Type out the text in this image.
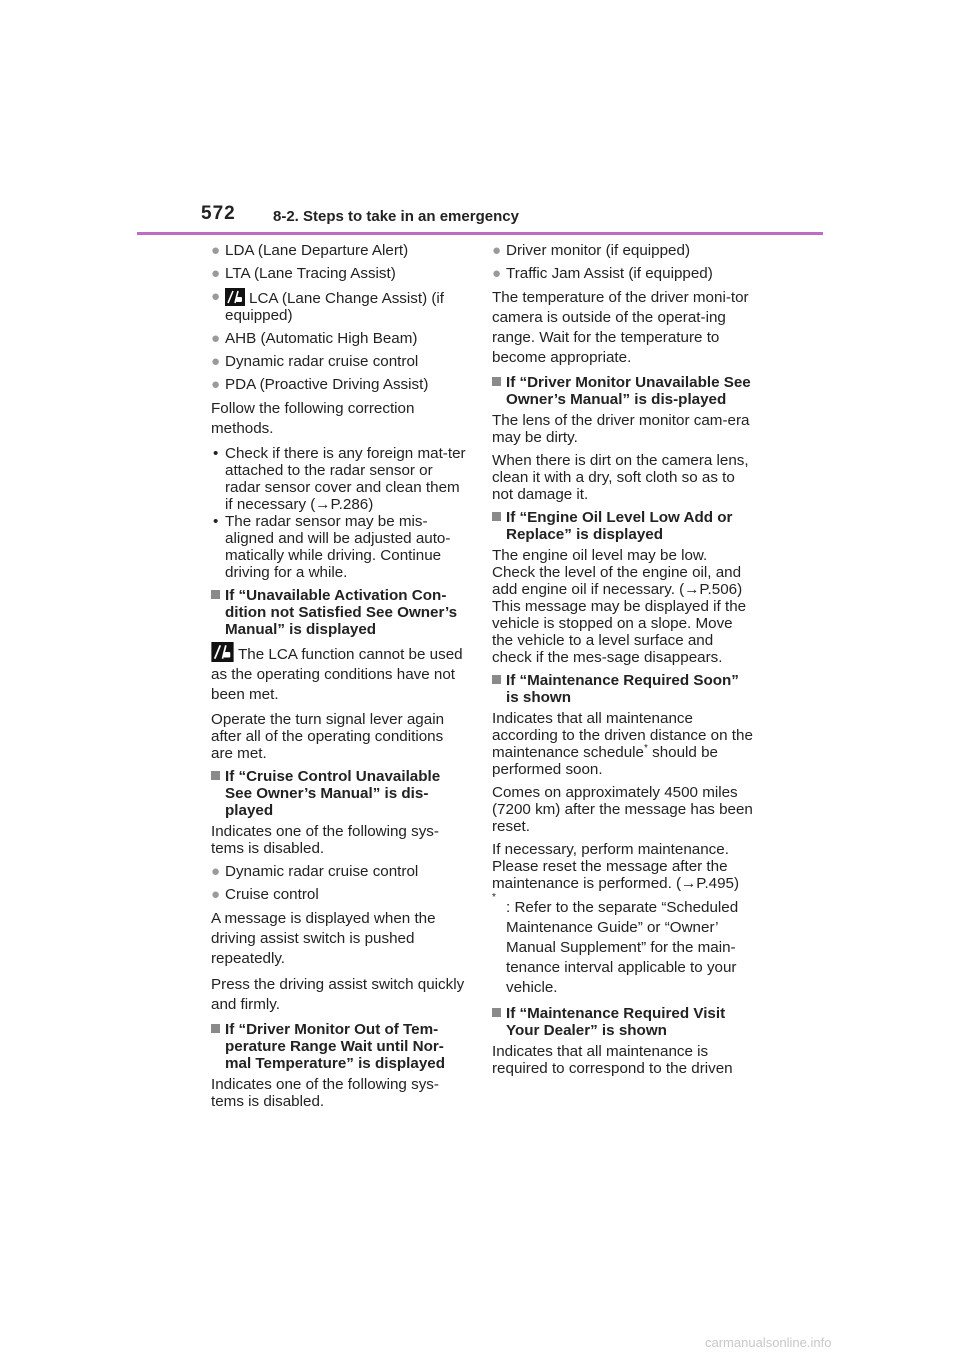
572 8-2. Steps to take in an emergency
● LDA (Lane Departure Alert)
● LTA (Lane Tracing Assist)
● LCA (Lane Change Assist) (if equipped)
● AHB (Automatic High Beam)
● Dynamic radar cruise control
● PDA (Proactive Driving Assist)
Follow the following correction methods.
• Check if there is any foreign mat-ter attached to the radar sensor or radar sensor cover and clean them if necessary (→P.286)
• The radar sensor may be mis-aligned and will be adjusted auto-matically while driving. Continue driving for a while.
If “Unavailable Activation Con-dition not Satisfied See Owner’s Manual” is displayed
The LCA function cannot be used as the operating conditions have not been met.
Operate the turn signal lever again after all of the operating conditions are met.
If “Cruise Control Unavailable See Owner’s Manual” is dis-played
Indicates one of the following sys-tems is disabled.
● Dynamic radar cruise control
● Cruise control
A message is displayed when the driving assist switch is pushed repeatedly.
Press the driving assist switch quickly and firmly.
If “Driver Monitor Out of Tem-perature Range Wait until Nor-mal Temperature” is displayed
Indicates one of the following sys-tems is disabled.
● Driver monitor (if equipped)
● Traffic Jam Assist (if equipped)
The temperature of the driver moni-tor camera is outside of the operat-ing range. Wait for the temperature to become appropriate.
If “Driver Monitor Unavailable See Owner’s Manual” is dis-played
The lens of the driver monitor cam-era may be dirty.
When there is dirt on the camera lens, clean it with a dry, soft cloth so as to not damage it.
If “Engine Oil Level Low Add or Replace” is displayed
The engine oil level may be low. Check the level of the engine oil, and add engine oil if necessary. (→P.506) This message may be displayed if the vehicle is stopped on a slope. Move the vehicle to a level surface and check if the mes-sage disappears.
If “Maintenance Required Soon” is shown
Indicates that all maintenance according to the driven distance on the maintenance schedule* should be performed soon.
Comes on approximately 4500 miles (7200 km) after the message has been reset.
If necessary, perform maintenance. Please reset the message after the maintenance is performed. (→P.495)
*
: Refer to the separate “Scheduled Maintenance Guide” or “Owner’ Manual Supplement” for the main-tenance interval applicable to your vehicle.
If “Maintenance Required Visit Your Dealer” is shown
Indicates that all maintenance is required to correspond to the driven
carmanualsonline.info
